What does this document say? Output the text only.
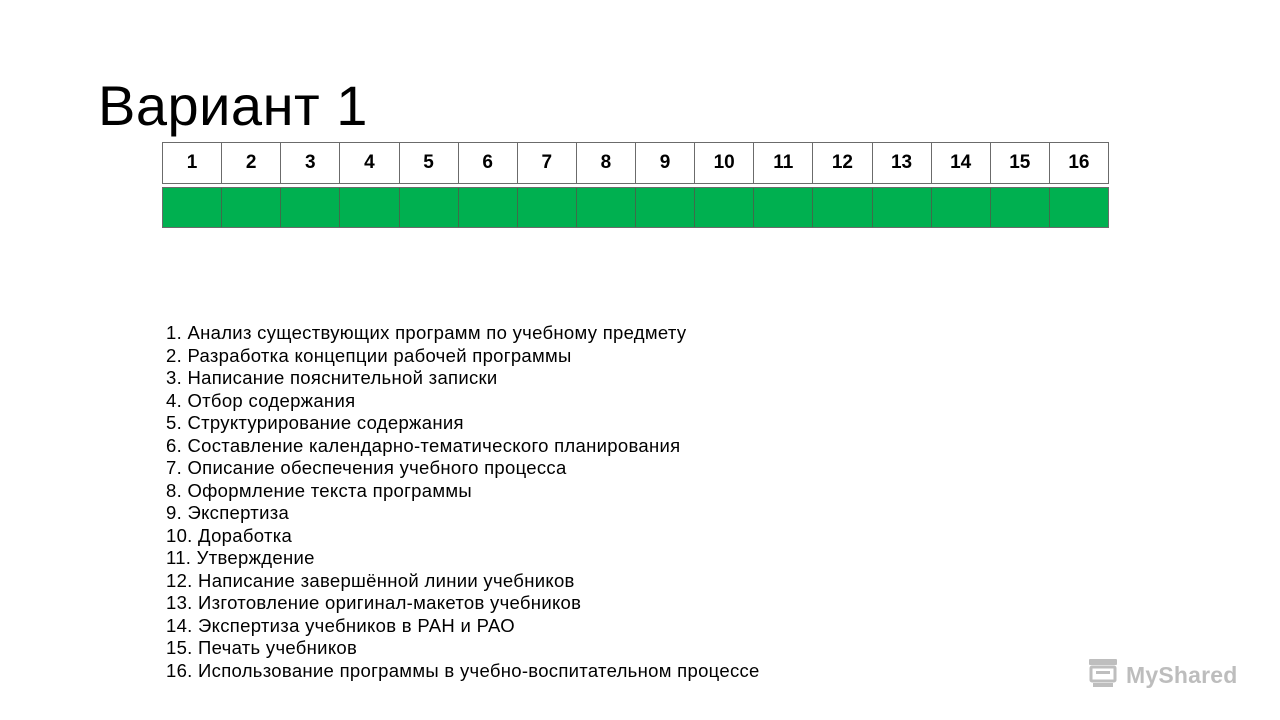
Вариант 1
1	2	3	4	5	6	7	8	9	10	11	12	13	14	15	16
1. Анализ существующих программ по учебному предмету
2. Разработка концепции рабочей программы
3. Написание пояснительной записки
4. Отбор содержания
5. Структурирование содержания
6. Составление календарно-тематического планирования
7. Описание обеспечения учебного процесса
8. Оформление текста программы
9. Экспертиза
10. Доработка
11. Утверждение
12. Написание завершённой линии учебников
13. Изготовление оригинал-макетов учебников
14. Экспертиза учебников в РАН и РАО
15. Печать учебников
16. Использование программы в учебно-воспитательном процессе	MyShared
